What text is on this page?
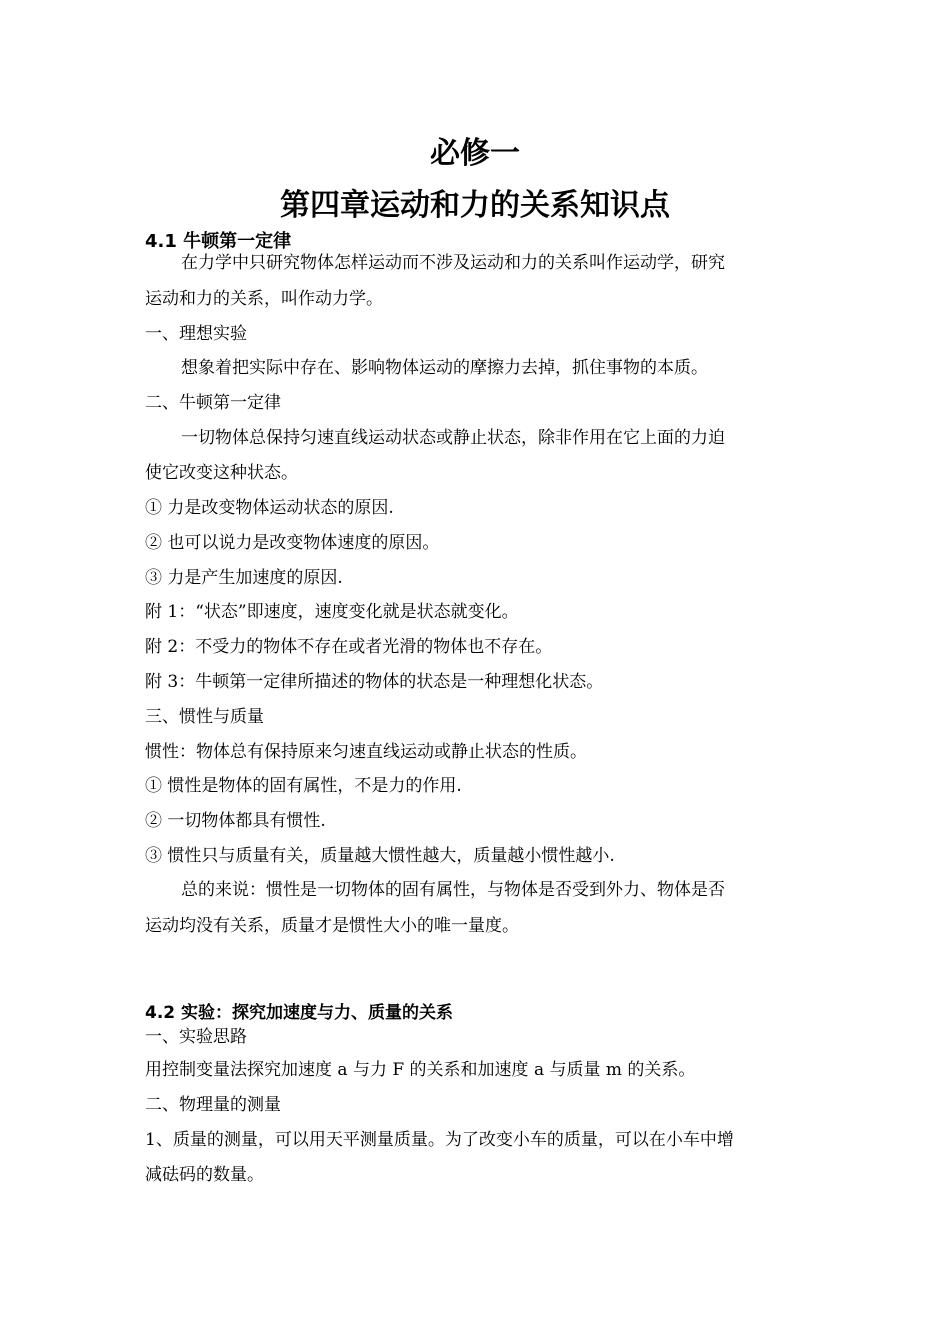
必修一
第四章运动和力的关系知识点
4.1 牛顿第一定律
在力学中只研究物体怎样运动而不涉及运动和力的关系叫作运动学，研究
运动和力的关系，叫作动力学。
一、理想实验
想象着把实际中存在、影响物体运动的摩擦力去掉，抓住事物的本质。
二、牛顿第一定律
一切物体总保持匀速直线运动状态或静止状态，除非作用在它上面的力迫
使它改变这种状态。
① 力是改变物体运动状态的原因.
② 也可以说力是改变物体速度的原因。
③ 力是产生加速度的原因.
附 1：“状态”即速度，速度变化就是状态就变化。
附 2：不受力的物体不存在或者光滑的物体也不存在。
附 3：牛顿第一定律所描述的物体的状态是一种理想化状态。
三、惯性与质量
惯性：物体总有保持原来匀速直线运动或静止状态的性质。
① 惯性是物体的固有属性，不是力的作用.
② 一切物体都具有惯性.
③ 惯性只与质量有关，质量越大惯性越大，质量越小惯性越小.
总的来说：惯性是一切物体的固有属性，与物体是否受到外力、物体是否
运动均没有关系，质量才是惯性大小的唯一量度。
4.2 实验：探究加速度与力、质量的关系
一、实验思路
用控制变量法探究加速度 a 与力 F 的关系和加速度 a 与质量 m 的关系。
二、物理量的测量
1、质量的测量，可以用天平测量质量。为了改变小车的质量，可以在小车中增
减砝码的数量。
